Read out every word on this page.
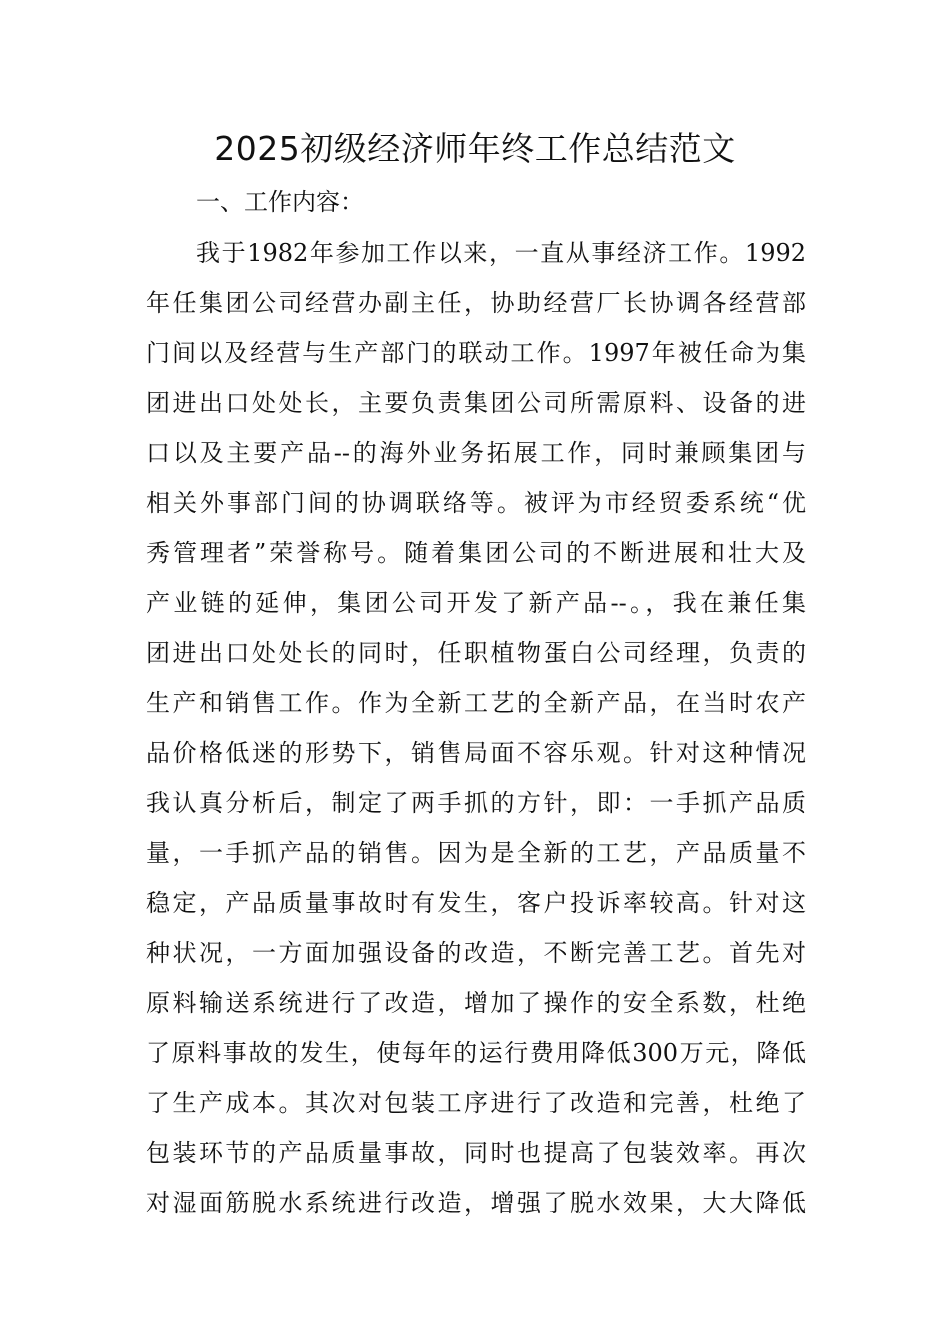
2025初级经济师年终工作总结范文

一、工作内容：

我于1982年参加工作以来，一直从事经济工作。1992

年任集团公司经营办副主任，协助经营厂长协调各经营部

门间以及经营与生产部门的联动工作。1997年被任命为集

团进出口处处长，主要负责集团公司所需原料、设备的进

口以及主要产品--的海外业务拓展工作，同时兼顾集团与

相关外事部门间的协调联络等。被评为市经贸委系统“优

秀管理者”荣誉称号。随着集团公司的不断进展和壮大及

产业链的延伸，集团公司开发了新产品--。，我在兼任集

团进出口处处长的同时，任职植物蛋白公司经理，负责的

生产和销售工作。作为全新工艺的全新产品，在当时农产

品价格低迷的形势下，销售局面不容乐观。针对这种情况

我认真分析后，制定了两手抓的方针，即：一手抓产品质

量，一手抓产品的销售。因为是全新的工艺，产品质量不

稳定，产品质量事故时有发生，客户投诉率较高。针对这

种状况，一方面加强设备的改造，不断完善工艺。首先对

原料输送系统进行了改造，增加了操作的安全系数，杜绝

了原料事故的发生，使每年的运行费用降低300万元，降低

了生产成本。其次对包装工序进行了改造和完善，杜绝了

包装环节的产品质量事故，同时也提高了包装效率。再次

对湿面筋脱水系统进行改造，增强了脱水效果，大大降低
